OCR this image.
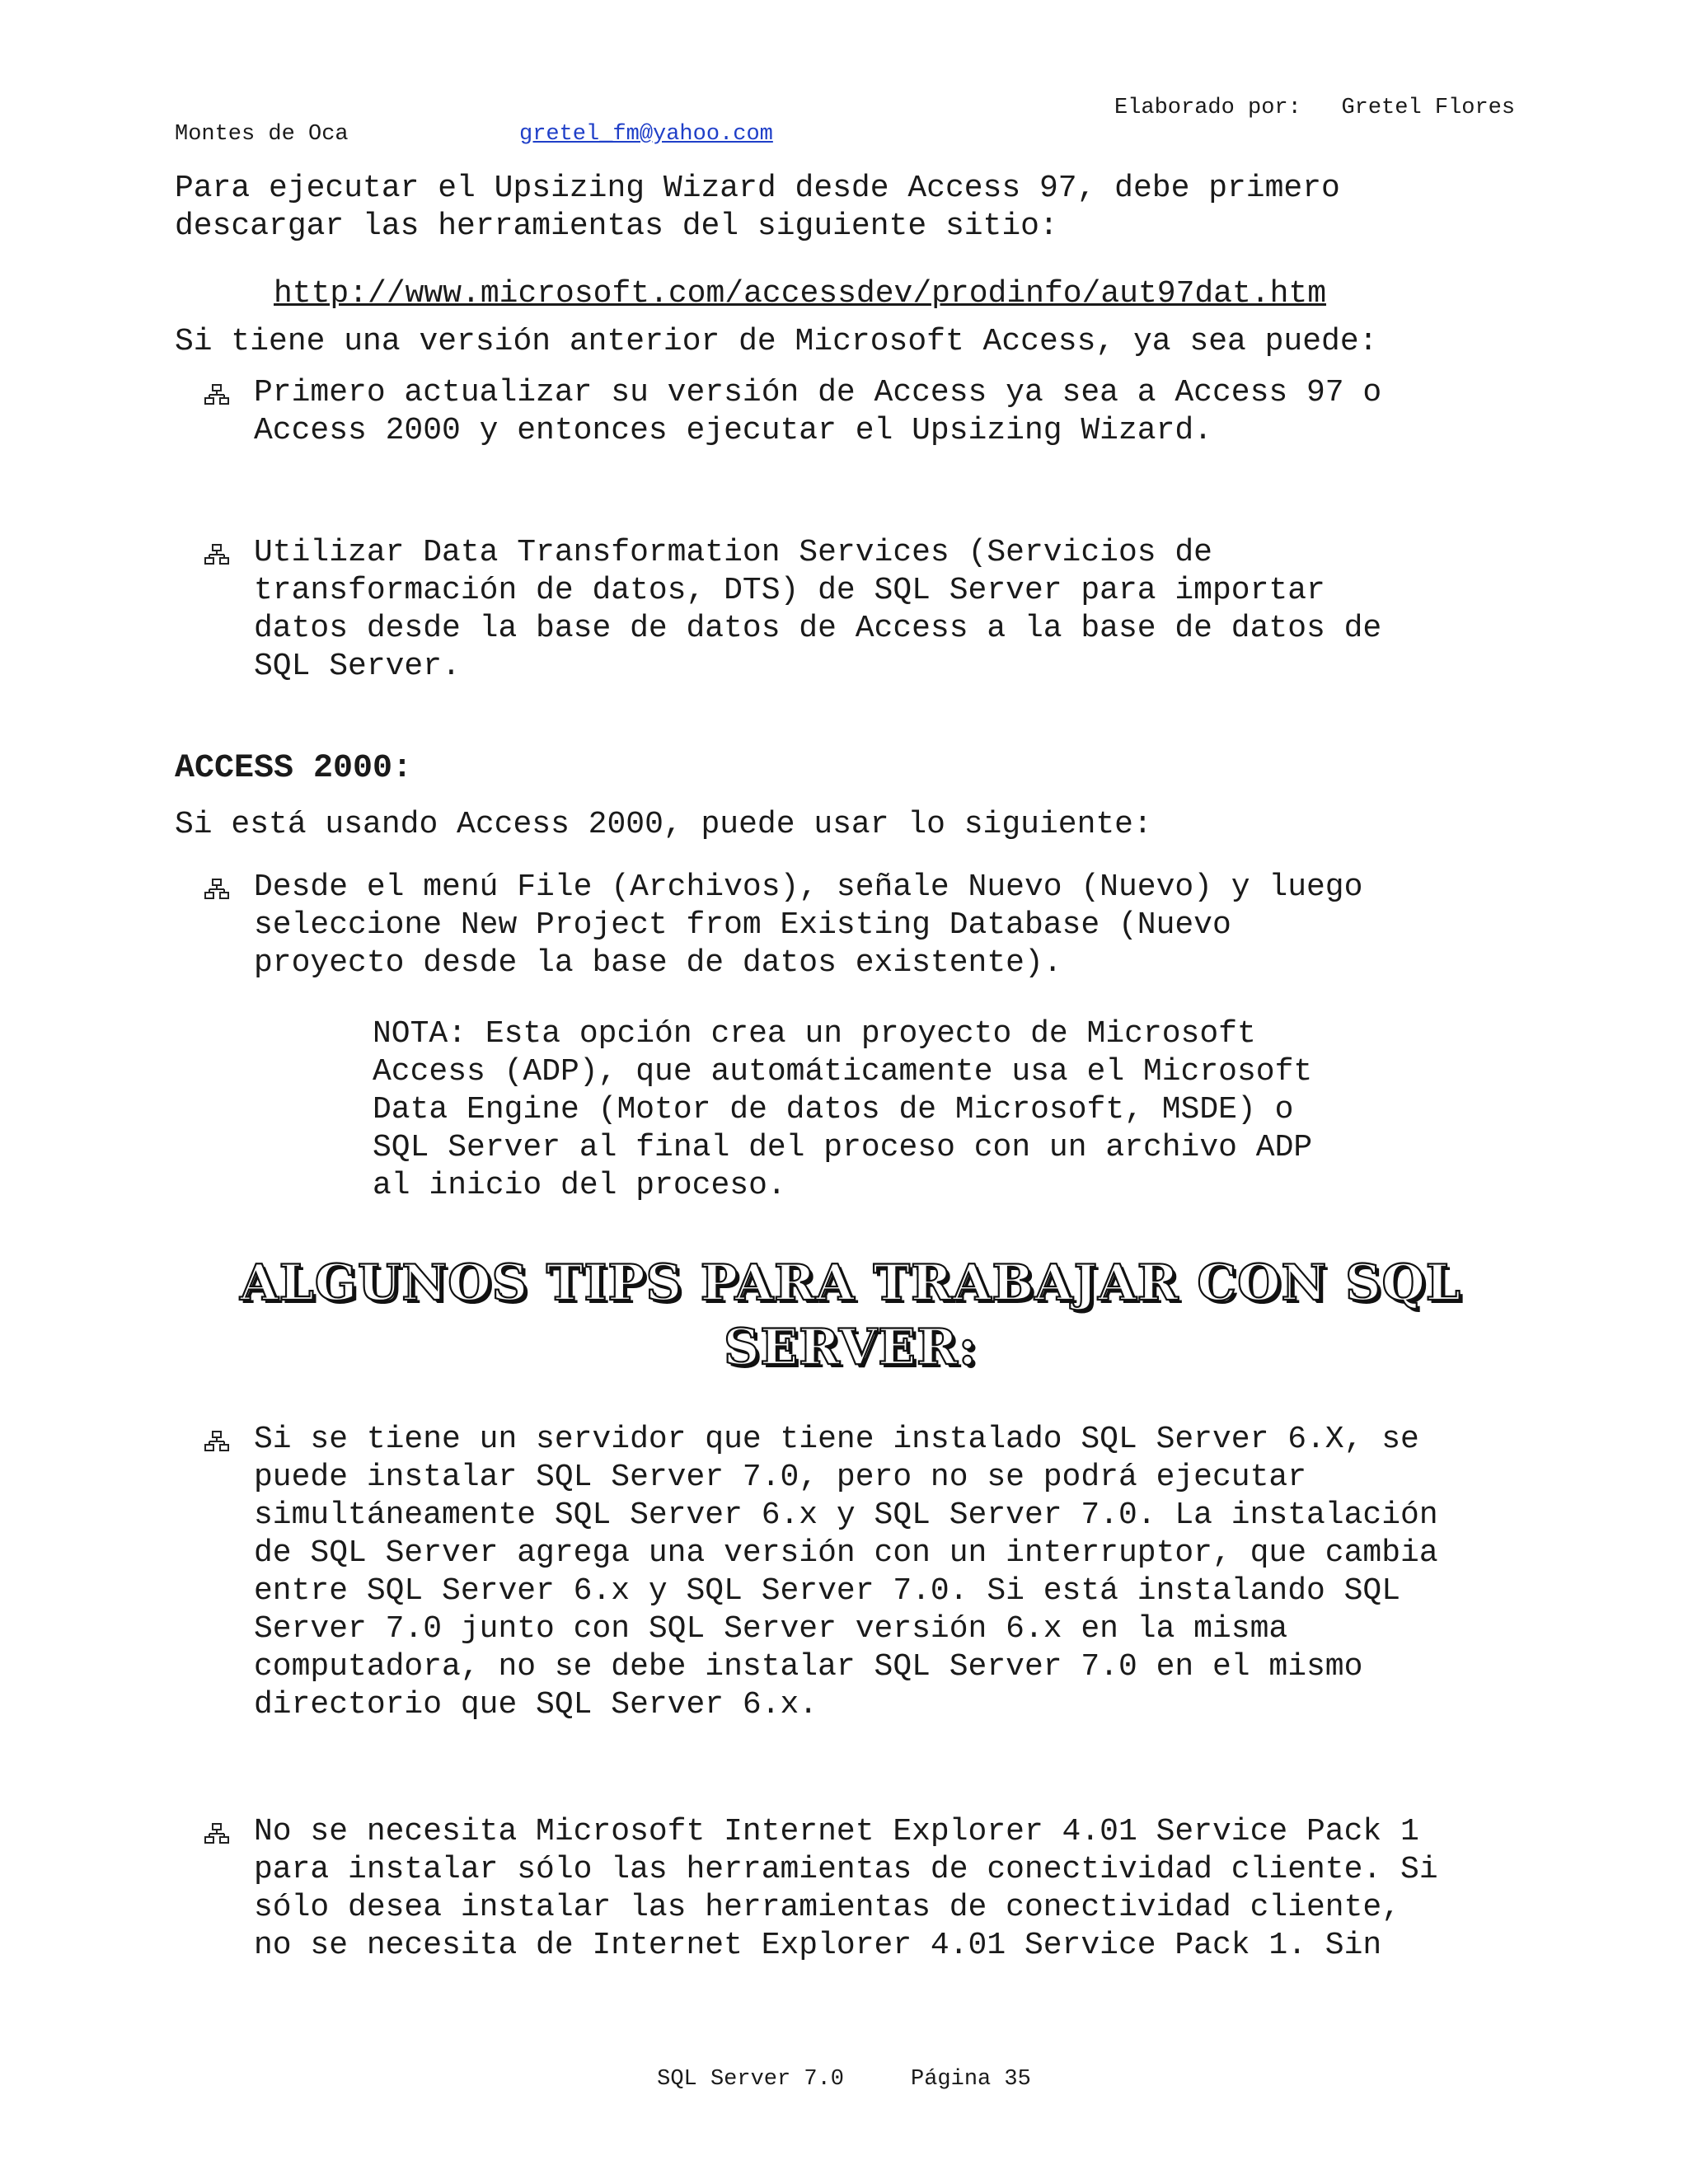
Elaborado por:   Gretel Flores
Montes de Oca	gretel_fm@yahoo.com
Para ejecutar el Upsizing Wizard desde Access 97, debe primero
descargar las herramientas del siguiente sitio:
http://www.microsoft.com/accessdev/prodinfo/aut97dat.htm
Si tiene una versión anterior de Microsoft Access, ya sea puede:
Primero actualizar su versión de Access ya sea a Access 97 o
Access 2000 y entonces ejecutar el Upsizing Wizard.
Utilizar Data Transformation Services (Servicios de
transformación de datos, DTS) de SQL Server para importar
datos desde la base de datos de Access a la base de datos de
SQL Server.
ACCESS 2000:
Si está usando Access 2000, puede usar lo siguiente:
Desde el menú File (Archivos), señale Nuevo (Nuevo) y luego
seleccione New Project from Existing Database (Nuevo
proyecto desde la base de datos existente).
NOTA: Esta opción crea un proyecto de Microsoft
Access (ADP), que automáticamente usa el Microsoft
Data Engine (Motor de datos de Microsoft, MSDE) o
SQL Server al final del proceso con un archivo ADP
al inicio del proceso.
ALGUNOS TIPS PARA TRABAJAR CON SQL
SERVER:
Si se tiene un servidor que tiene instalado SQL Server 6.X, se
puede instalar SQL Server 7.0, pero no se podrá ejecutar
simultáneamente SQL Server 6.x y SQL Server 7.0. La instalación
de SQL Server agrega una versión con un interruptor, que cambia
entre SQL Server 6.x y SQL Server 7.0. Si está instalando SQL
Server 7.0 junto con SQL Server versión 6.x en la misma
computadora, no se debe instalar SQL Server 7.0 en el mismo
directorio que SQL Server 6.x.
No se necesita Microsoft Internet Explorer 4.01 Service Pack 1
para instalar sólo las herramientas de conectividad cliente. Si
sólo desea instalar las herramientas de conectividad cliente,
no se necesita de Internet Explorer 4.01 Service Pack 1. Sin
SQL Server 7.0     Página 35
